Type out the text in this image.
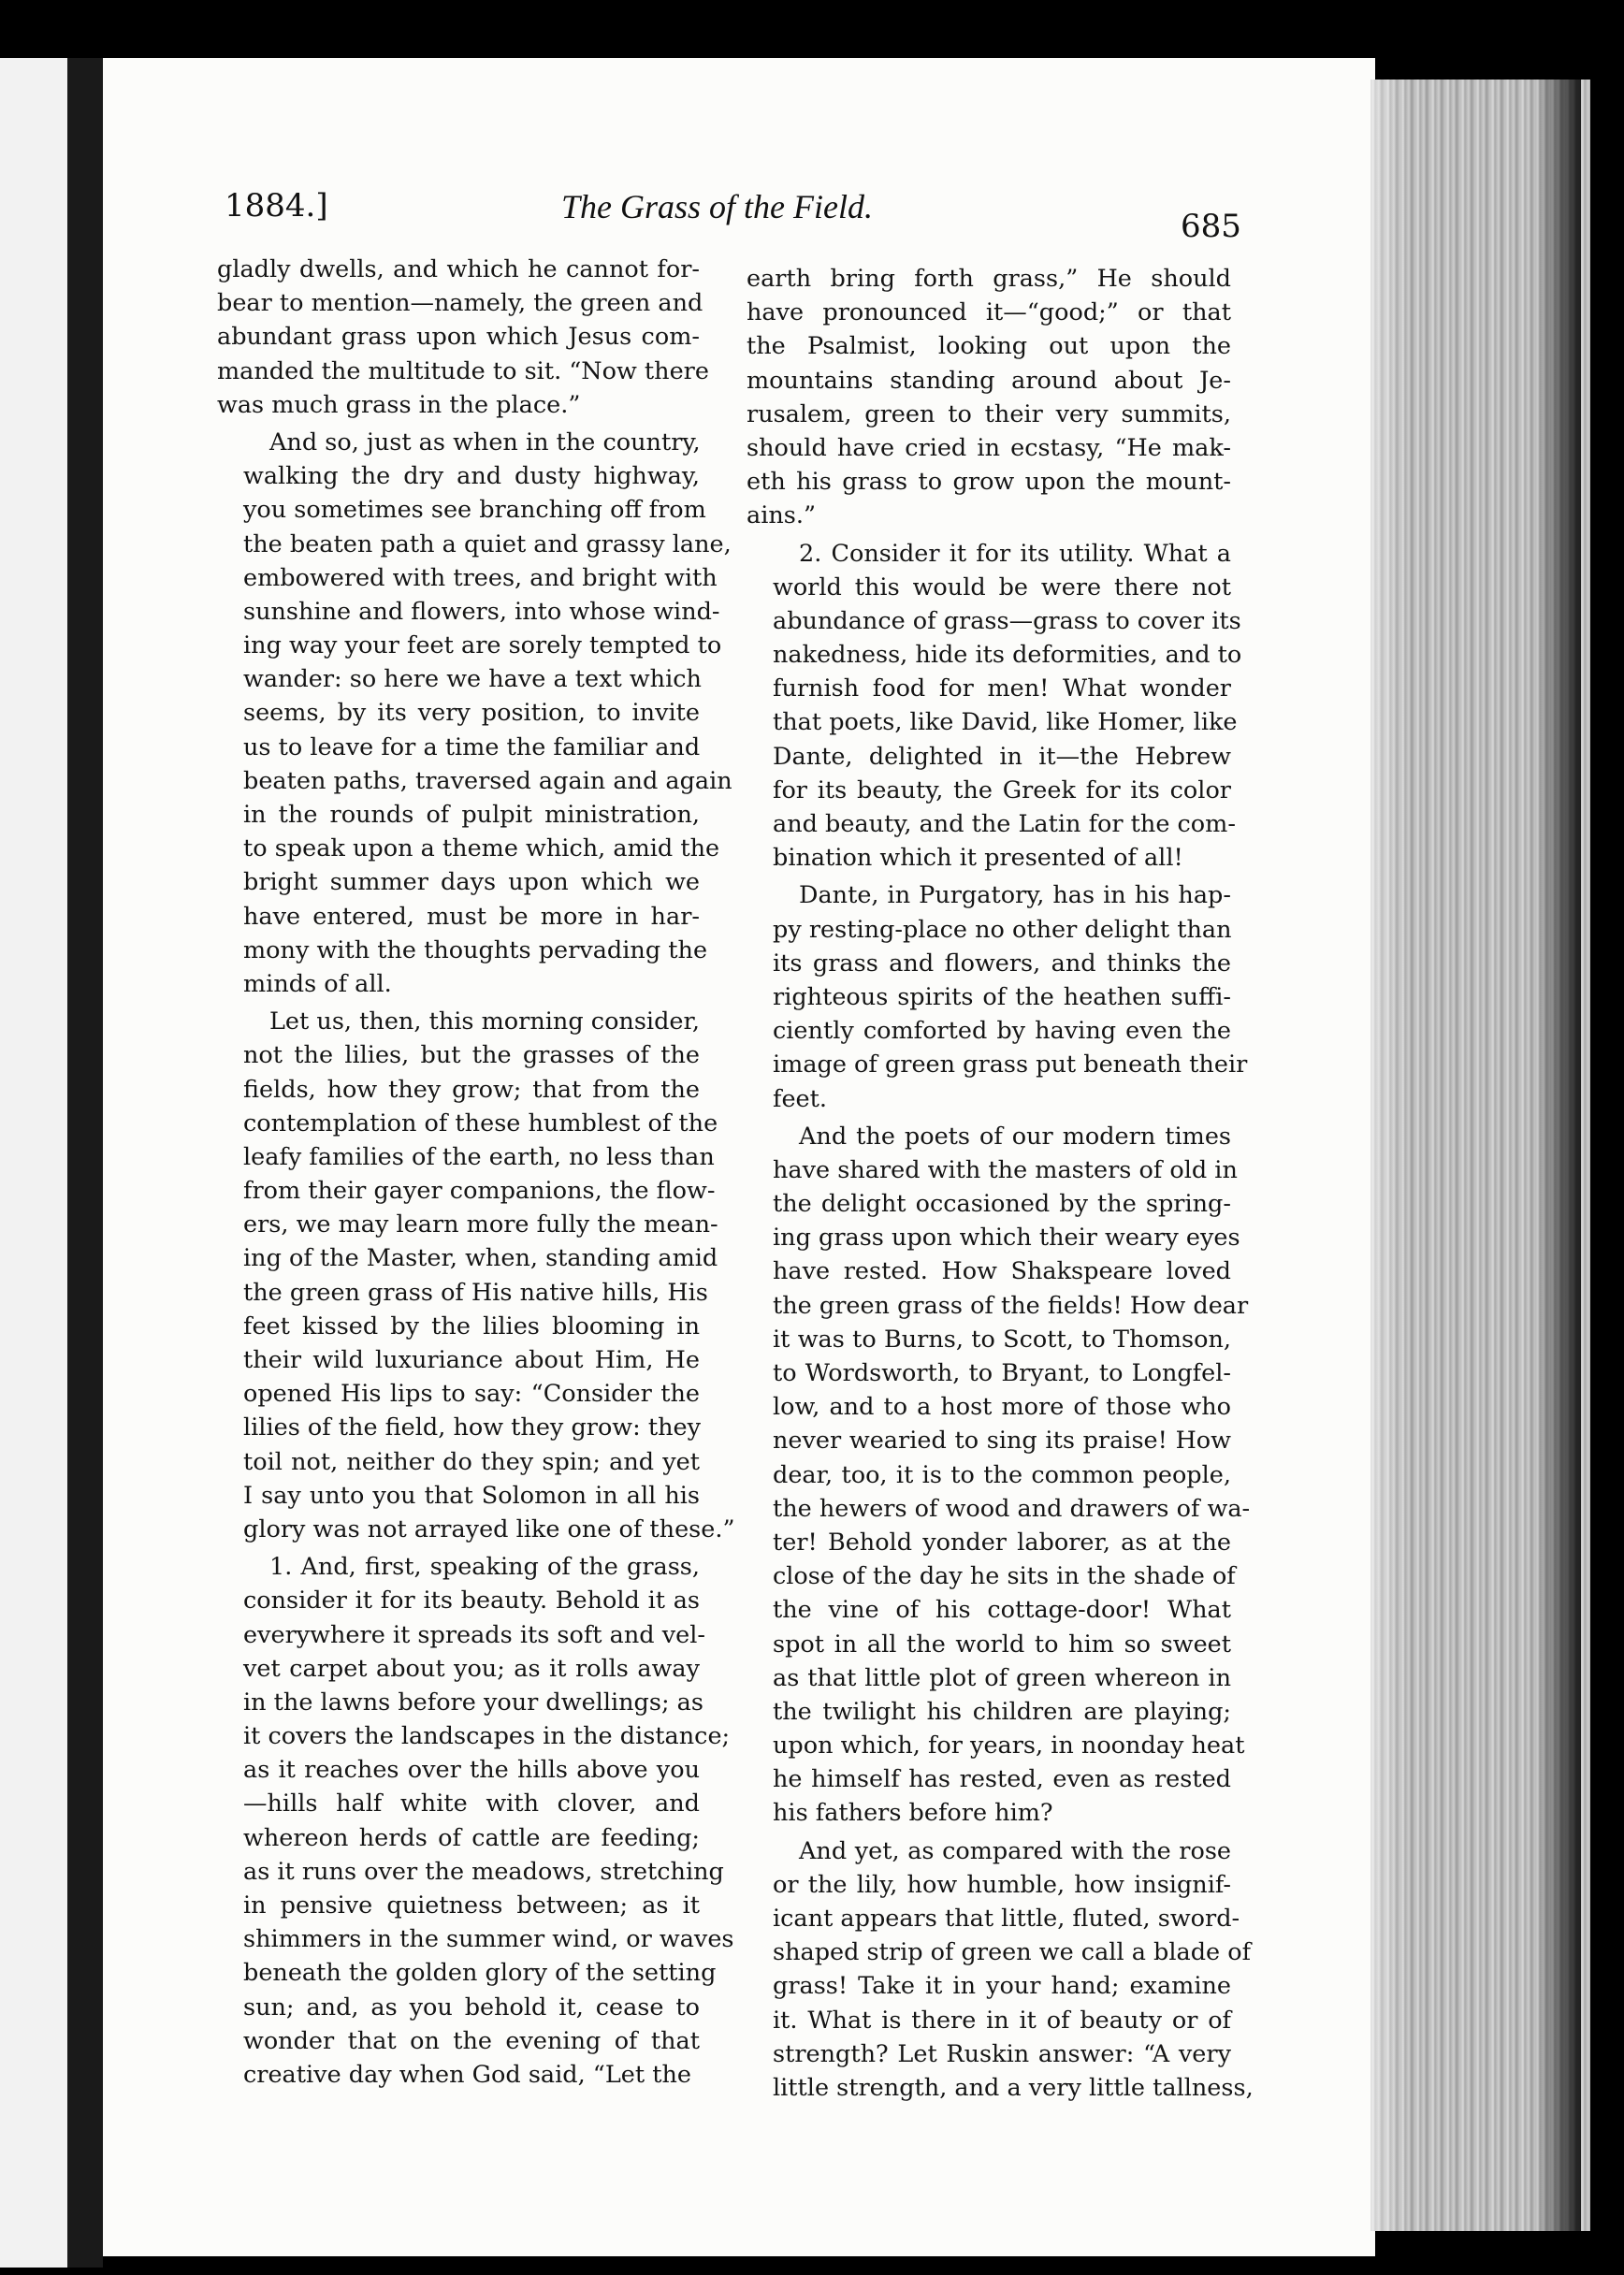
1884.]	The Grass of the Field.
685

gladly dwells, and which he cannot for-
bear to mention—namely, the green and
abundant grass upon which Jesus com-
manded the multitude to sit. “Now there
was much grass in the place.”

And so, just as when in the country,
walking the dry and dusty highway,
you sometimes see branching off from
the beaten path a quiet and grassy lane,
embowered with trees, and bright with
sunshine and flowers, into whose wind-
ing way your feet are sorely tempted to
wander: so here we have a text which
seems, by its very position, to invite
us to leave for a time the familiar and
beaten paths, traversed again and again
in the rounds of pulpit ministration,
to speak upon a theme which, amid the
bright summer days upon which we
have entered, must be more in har-
mony with the thoughts pervading the
minds of all.

Let us, then, this morning consider,
not the lilies, but the grasses of the
fields, how they grow; that from the
contemplation of these humblest of the
leafy families of the earth, no less than
from their gayer companions, the flow-
ers, we may learn more fully the mean-
ing of the Master, when, standing amid
the green grass of His native hills, His
feet kissed by the lilies blooming in
their wild luxuriance about Him, He
opened His lips to say: “Consider the
lilies of the field, how they grow: they
toil not, neither do they spin; and yet
I say unto you that Solomon in all his
glory was not arrayed like one of these.”

1. And, first, speaking of the grass,
consider it for its beauty. Behold it as
everywhere it spreads its soft and vel-
vet carpet about you; as it rolls away
in the lawns before your dwellings; as
it covers the landscapes in the distance;
as it reaches over the hills above you
—hills half white with clover, and
whereon herds of cattle are feeding;
as it runs over the meadows, stretching
in pensive quietness between; as it
shimmers in the summer wind, or waves
beneath the golden glory of the setting
sun; and, as you behold it, cease to
wonder that on the evening of that
creative day when God said, “Let the

earth bring forth grass,” He should
have pronounced it—“good;” or that
the Psalmist, looking out upon the
mountains standing around about Je-
rusalem, green to their very summits,
should have cried in ecstasy, “He mak-
eth his grass to grow upon the mount-
ains.”

2. Consider it for its utility. What a
world this would be were there not
abundance of grass—grass to cover its
nakedness, hide its deformities, and to
furnish food for men! What wonder
that poets, like David, like Homer, like
Dante, delighted in it—the Hebrew
for its beauty, the Greek for its color
and beauty, and the Latin for the com-
bination which it presented of all!

Dante, in Purgatory, has in his hap-
py resting-place no other delight than
its grass and flowers, and thinks the
righteous spirits of the heathen suffi-
ciently comforted by having even the
image of green grass put beneath their
feet.

And the poets of our modern times
have shared with the masters of old in
the delight occasioned by the spring-
ing grass upon which their weary eyes
have rested. How Shakspeare loved
the green grass of the fields! How dear
it was to Burns, to Scott, to Thomson,
to Wordsworth, to Bryant, to Longfel-
low, and to a host more of those who
never wearied to sing its praise! How
dear, too, it is to the common people,
the hewers of wood and drawers of wa-
ter! Behold yonder laborer, as at the
close of the day he sits in the shade of
the vine of his cottage-door! What
spot in all the world to him so sweet
as that little plot of green whereon in
the twilight his children are playing;
upon which, for years, in noonday heat
he himself has rested, even as rested
his fathers before him?

And yet, as compared with the rose
or the lily, how humble, how insignif-
icant appears that little, fluted, sword-
shaped strip of green we call a blade of
grass! Take it in your hand; examine
it. What is there in it of beauty or of
strength? Let Ruskin answer: “A very
little strength, and a very little tallness,
